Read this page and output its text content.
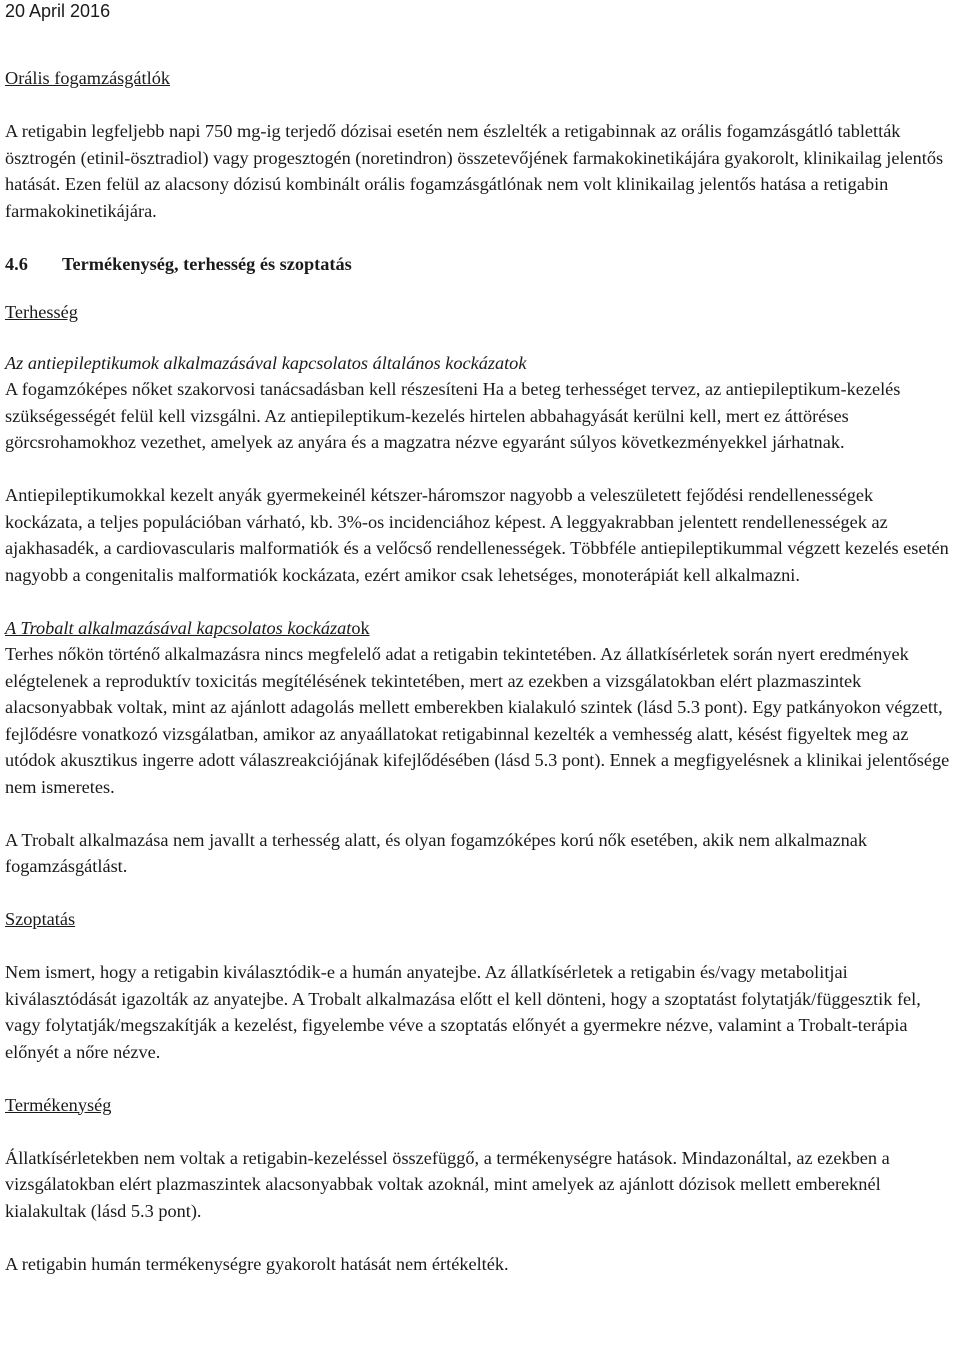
20 April 2016

Orális fogamzásgátlók

A retigabin legfeljebb napi 750 mg-ig terjedő dózisai esetén nem észlelték a retigabinnak az orális fogamzásgátló tabletták ösztrogén (etinil-ösztradiol) vagy progesztogén (noretindron) összetevőjének farmakokinetikájára gyakorolt, klinikailag jelentős hatását. Ezen felül az alacsony dózisú kombinált orális fogamzásgátlónak nem volt klinikailag jelentős hatása a retigabin farmakokinetikájára.

4.6 Termékenység, terhesség és szoptatás

Terhesség

Az antiepileptikumok alkalmazásával kapcsolatos általános kockázatok

A fogamzóképes nőket szakorvosi tanácsadásban kell részesíteni Ha a beteg terhességet tervez, az antiepileptikum-kezelés szükségességét felül kell vizsgálni. Az antiepileptikum-kezelés hirtelen abbahagyását kerülni kell, mert ez áttöréses görcsrohamokhoz vezethet, amelyek az anyára és a magzatra nézve egyaránt súlyos következményekkel járhatnak.

Antiepileptikumokkal kezelt anyák gyermekeinél kétszer-háromszor nagyobb a veleszületett fejődési rendellenességek kockázata, a teljes populációban várható, kb. 3%-os incidenciához képest. A leggyakrabban jelentett rendellenességek az ajakhasadék, a cardiovascularis malformatiók és a velőcső rendellenességek. Többféle antiepileptikummal végzett kezelés esetén nagyobb a congenitalis malformatiók kockázata, ezért amikor csak lehetséges, monoterápiát kell alkalmazni.

A Trobalt alkalmazásával kapcsolatos kockázatok

Terhes nőkön történő alkalmazásra nincs megfelelő adat a retigabin tekintetében. Az állatkísérletek során nyert eredmények elégtelenek a reproduktív toxicitás megítélésének tekintetében, mert az ezekben a vizsgálatokban elért plazmaszintek alacsonyabbak voltak, mint az ajánlott adagolás mellett emberekben kialakuló szintek (lásd 5.3 pont). Egy patkányokon végzett, fejlődésre vonatkozó vizsgálatban, amikor az anyaállatokat retigabinnal kezelték a vemhesség alatt, késést figyeltek meg az utódok akusztikus ingerre adott válaszreakciójának kifejlődésében (lásd 5.3 pont). Ennek a megfigyelésnek a klinikai jelentősége nem ismeretes.

A Trobalt alkalmazása nem javallt a terhesség alatt, és olyan fogamzóképes korú nők esetében, akik nem alkalmaznak fogamzásgátlást.

Szoptatás

Nem ismert, hogy a retigabin kiválasztódik-e a humán anyatejbe. Az állatkísérletek a retigabin és/vagy metabolitjai kiválasztódását igazolták az anyatejbe. A Trobalt alkalmazása előtt el kell dönteni, hogy a szoptatást folytatják/függesztik fel, vagy folytatják/megszakítják a kezelést, figyelembe véve a szoptatás előnyét a gyermekre nézve, valamint a Trobalt-terápia előnyét a nőre nézve.

Termékenység

Állatkísérletekben nem voltak a retigabin-kezeléssel összefüggő, a termékenységre hatások. Mindazonáltal, az ezekben a vizsgálatokban elért plazmaszintek alacsonyabbak voltak azoknál, mint amelyek az ajánlott dózisok mellett embereknél kialakultak (lásd 5.3 pont).

A retigabin humán termékenységre gyakorolt hatását nem értékelték.
